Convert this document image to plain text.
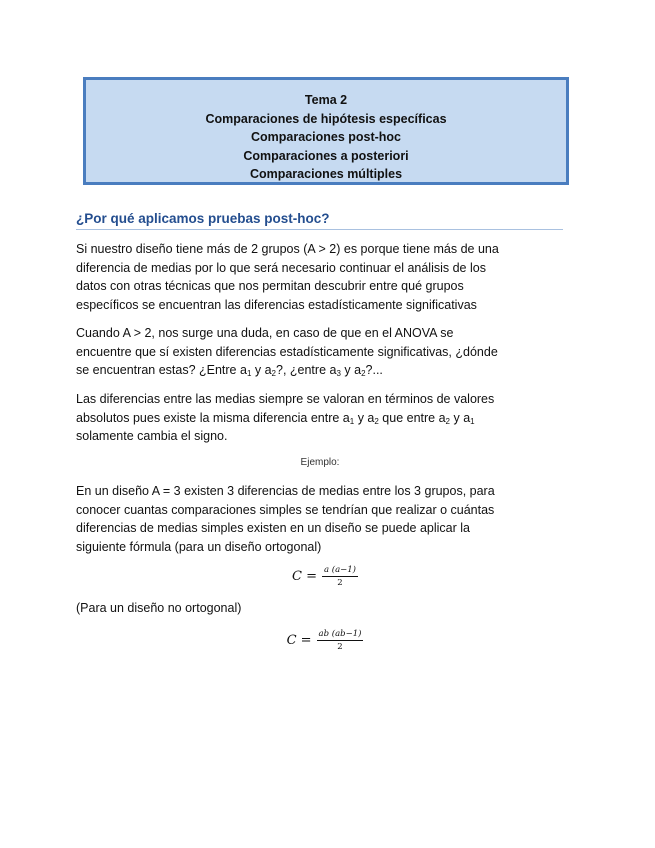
Tema 2
Comparaciones de hipótesis específicas
Comparaciones post-hoc
Comparaciones a posteriori
Comparaciones múltiples
¿Por qué aplicamos pruebas post-hoc?

Si nuestro diseño tiene más de 2 grupos (A > 2) es porque tiene más de una
diferencia de medias por lo que será necesario continuar el análisis de los
datos con otras técnicas que nos permitan descubrir entre qué grupos
específicos se encuentran las diferencias estadísticamente significativas

Cuando A > 2, nos surge una duda, en caso de que en el ANOVA se
encuentre que sí existen diferencias estadísticamente significativas, ¿dónde
se encuentran estas? ¿Entre $a_1$ y $a_2$?, ¿entre $a_3$ y $a_2$?...

Las diferencias entre las medias siempre se valoran en términos de valores
absolutos pues existe la misma diferencia entre $a_1$ y $a_2$ que entre $a_2$ y $a_1$
solamente cambia el signo.

Ejemplo:

En un diseño A = 3 existen 3 diferencias de medias entre los 3 grupos, para
conocer cuantas comparaciones simples se tendrían que realizar o cuántas
diferencias de medias simples existen en un diseño se puede aplicar la
siguiente fórmula (para un diseño ortogonal)

$C = \frac{a (a-1)}{2}$

(Para un diseño no ortogonal)

$C = \frac{ab (ab-1)}{2}$
